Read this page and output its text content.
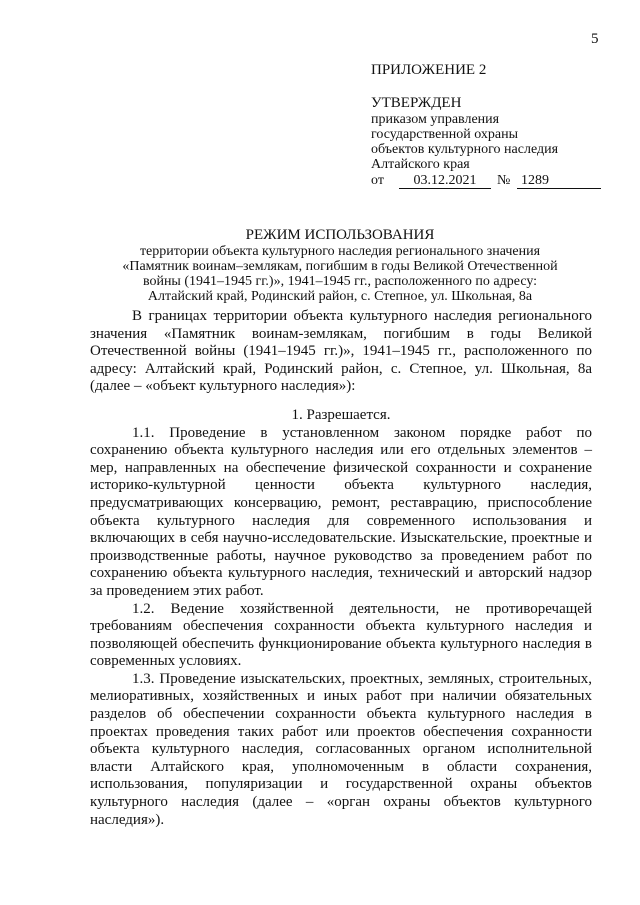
5

ПРИЛОЖЕНИЕ 2

УТВЕРЖДЕН

приказом управления

государственной охраны

объектов культурного наследия

Алтайского края

от	03.12.2021	№ 1289

РЕЖИМ ИСПОЛЬЗОВАНИЯ

территории объекта культурного наследия регионального значения

«Памятник воинам–землякам, погибшим в годы Великой Отечественной

войны (1941–1945 гг.)», 1941–1945 гг., расположенного по адресу:

Алтайский край, Родинский район, с. Степное, ул. Школьная, 8а

В границах территории объекта культурного наследия регионального значения «Памятник воинам-землякам, погибшим в годы Великой Отечественной войны (1941–1945 гг.)», 1941–1945 гг., расположенного по адресу: Алтайский край, Родинский район, с. Степное, ул. Школьная, 8а (далее – «объект культурного наследия»):

1. Разрешается.

1.1. Проведение в установленном законом порядке работ по сохранению объекта культурного наследия или его отдельных элементов – мер, направленных на обеспечение физической сохранности и сохранение историко-культурной ценности объекта культурного наследия, предусматривающих консервацию, ремонт, реставрацию, приспособление объекта культурного наследия для современного использования и включающих в себя научно-исследовательские. Изыскательские, проектные и производственные работы, научное руководство за проведением работ по сохранению объекта культурного наследия, технический и авторский надзор за проведением этих работ.

1.2. Ведение хозяйственной деятельности, не противоречащей требованиям обеспечения сохранности объекта культурного наследия и позволяющей обеспечить функционирование объекта культурного наследия в современных условиях.

1.3. Проведение изыскательских, проектных, земляных, строительных, мелиоративных, хозяйственных и иных работ при наличии обязательных разделов об обеспечении сохранности объекта культурного наследия в проектах проведения таких работ или проектов обеспечения сохранности объекта культурного наследия, согласованных органом исполнительной власти Алтайского края, уполномоченным в области сохранения, использования, популяризации и государственной охраны объектов культурного наследия (далее – «орган охраны объектов культурного наследия»).
